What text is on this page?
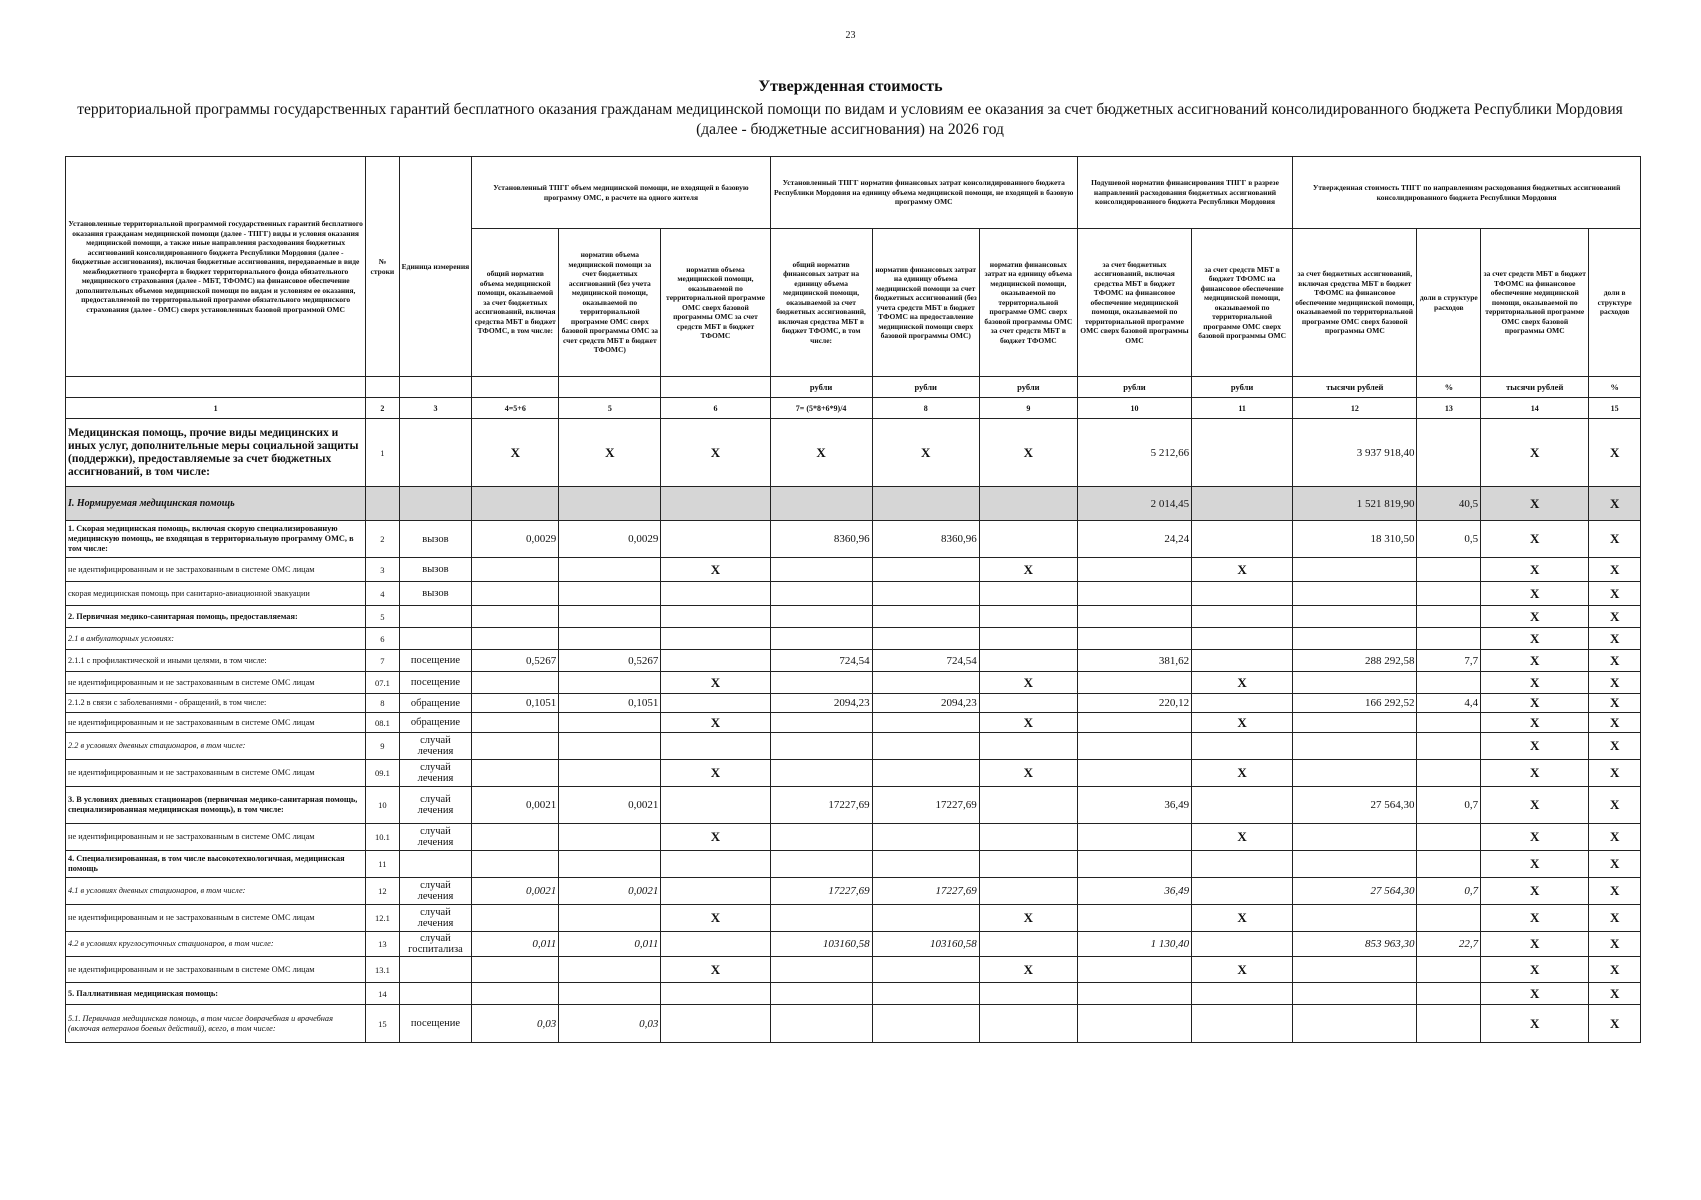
23
Утвержденная стоимость
территориальной программы государственных гарантий бесплатного оказания гражданам медицинской помощи по видам и условиям ее оказания за счет бюджетных ассигнований консолидированного бюджета Республики Мордовия (далее - бюджетные ассигнования) на 2026 год
Установленные территориальной программой государственных гарантий бесплатного оказания гражданам медицинской помощи (далее - ТПГГ) виды и условия оказания медицинской помощи, а также иные направления расходования бюджетных ассигнований консолидированного бюджета Республики Мордовия (далее - бюджетные ассигнования), включая бюджетные ассигнования, передаваемые в виде межбюджетного трансферта в бюджет территориального фонда обязательного медицинского страхования (далее - МБТ, ТФОМС) на финансовое обеспечение дополнительных объемов медицинской помощи по видам и условиям ее оказания, предоставляемой по территориальной программе обязательного медицинского страхования (далее - ОМС) сверх установленных базовой программой ОМС	№ строки	Единица измерения	Установленный ТПГГ объем медицинской помощи, не входящей в базовую программу ОМС, в расчете на одного жителя			Установленный ТПГГ норматив финансовых затрат консолидированного бюджета Республики Мордовия на единицу объема медицинской помощи, не входящей в базовую программу ОМС			Подушевой норматив финансирования ТПГГ в разрезе направлений расходования бюджетных ассигнований консолидированного бюджета Республики Мордовия		Утвержденная стоимость ТПГГ по направлениям расходования бюджетных ассигнований консолидированного бюджета Республики Мордовия			
			общий норматив объема медицинской помощи, оказываемой за счет бюджетных ассигнований, включая средства МБТ в бюджет ТФОМС, в том числе:	норматив объема медицинской помощи за счет бюджетных ассигнований (без учета медицинской помощи, оказываемой по территориальной программе ОМС сверх базовой программы ОМС за счет средств МБТ в бюджет ТФОМС)	норматив объема медицинской помощи, оказываемой по территориальной программе ОМС сверх базовой программы ОМС за счет средств МБТ в бюджет ТФОМС	общий норматив финансовых затрат на единицу объема медицинской помощи, оказываемой за счет бюджетных ассигнований, включая средства МБТ в бюджет ТФОМС, в том числе:	норматив финансовых затрат на единицу объема медицинской помощи за счет бюджетных ассигнований (без учета средств МБТ в бюджет ТФОМС на предоставление медицинской помощи сверх базовой программы ОМС)	норматив финансовых затрат на единицу объема медицинской помощи, оказываемой по территориальной программе ОМС сверх базовой программы ОМС за счет средств МБТ в бюджет ТФОМС	за счет бюджетных ассигнований, включая средства МБТ в бюджет ТФОМС на финансовое обеспечение медицинской помощи, оказываемой по территориальной программе ОМС сверх базовой программы ОМС	за счет средств МБТ в бюджет ТФОМС на финансовое обеспечение медицинской помощи, оказываемой по территориальной программе ОМС сверх базовой программы ОМС	за счет бюджетных ассигнований, включая средства МБТ в бюджет ТФОМС на финансовое обеспечение медицинской помощи, оказываемой по территориальной программе ОМС сверх базовой программы ОМС	доли в структуре расходов	за счет средств МБТ в бюджет ТФОМС на финансовое обеспечение медицинской помощи, оказываемой по территориальной программе ОМС сверх базовой программы ОМС	доли в структуре расходов
						рубли	рубли	рубли	рубли	рубли	тысячи рублей	%	тысячи рублей	%
1	2	3	4=5+6	5	6	7= (5*8+6*9)/4	8	9	10	11	12	13	14	15
Медицинская помощь, прочие виды медицинских и иных услуг, дополнительные меры социальной защиты (поддержки), предоставляемые за счет бюджетных ассигнований, в том числе:	1		X	X	X	X	X	X	5 212,66		3 937 918,40		X	X
I. Нормируемая медицинская помощь									2 014,45		1 521 819,90	40,5	X	X
1. Скорая медицинская помощь, включая скорую специализированную медицинскую помощь, не входящая в территориальную программу ОМС, в том числе:	2	вызов	0,0029	0,0029		8360,96	8360,96		24,24		18 310,50	0,5	X	X
не идентифицированным и не застрахованным в системе ОМС лицам	3	вызов			X			X		X			X	X
скорая медицинская помощь при санитарно-авиационной эвакуации	4	вызов											X	X
2. Первичная медико-санитарная помощь, предоставляемая:	5												X	X
2.1 в амбулаторных условиях:	6												X	X
2.1.1 с профилактической и иными целями, в том числе:	7	посещение	0,5267	0,5267		724,54	724,54		381,62		288 292,58	7,7	X	X
не идентифицированным и не застрахованным в системе ОМС лицам	07.1	посещение			X			X		X			X	X
2.1.2 в связи с заболеваниями - обращений, в том числе:	8	обращение	0,1051	0,1051		2094,23	2094,23		220,12		166 292,52	4,4	X	X
не идентифицированным и не застрахованным в системе ОМС лицам	08.1	обращение			X			X		X			X	X
2.2 в условиях дневных стационаров, в том числе:	9	случай лечения											X	X
не идентифицированным и не застрахованным в системе ОМС лицам	09.1	случай лечения			X			X		X			X	X
3. В условиях дневных стационаров (первичная медико-санитарная помощь, специализированная медицинская помощь), в том числе:	10	случай лечения	0,0021	0,0021		17227,69	17227,69		36,49		27 564,30	0,7	X	X
не идентифицированным и не застрахованным в системе ОМС лицам	10.1	случай лечения			X					X			X	X
4. Специализированная, в том числе высокотехнологичная, медицинская помощь	11												X	X
4.1 в условиях дневных стационаров, в том числе:	12	случай лечения	0,0021	0,0021		17227,69	17227,69		36,49		27 564,30	0,7	X	X
не идентифицированным и не застрахованным в системе ОМС лицам	12.1	случай лечения			X			X		X			X	X
4.2 в условиях круглосуточных стационаров, в том числе:	13	случай госпитализа	0,011	0,011		103160,58	103160,58		1 130,40		853 963,30	22,7	X	X
не идентифицированным и не застрахованным в системе ОМС лицам	13.1				X			X		X			X	X
5. Паллиативная медицинская помощь:	14												X	X
5.1. Первичная медицинская помощь, в том числе доврачебная и врачебная (включая ветеранов боевых действий), всего, в том числе:	15	посещение	0,03	0,03									X	X
